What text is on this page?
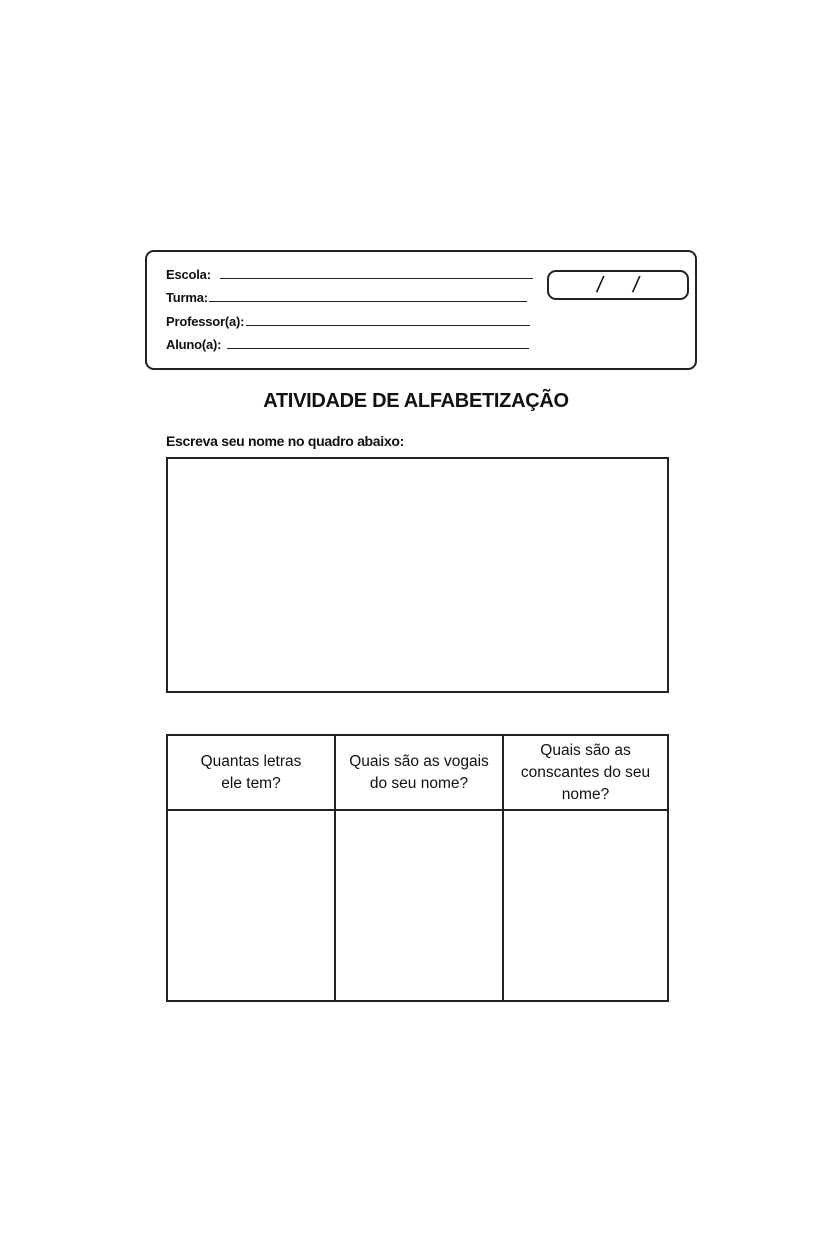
Escola:
Turma:
Professor(a):
Aluno(a):
/ /
ATIVIDADE DE ALFABETIZAÇÃO
Escreva seu nome no quadro abaixo:
Quantas letras ele tem?
Quais são as vogais do seu nome?
Quais são as conscantes do seu nome?
